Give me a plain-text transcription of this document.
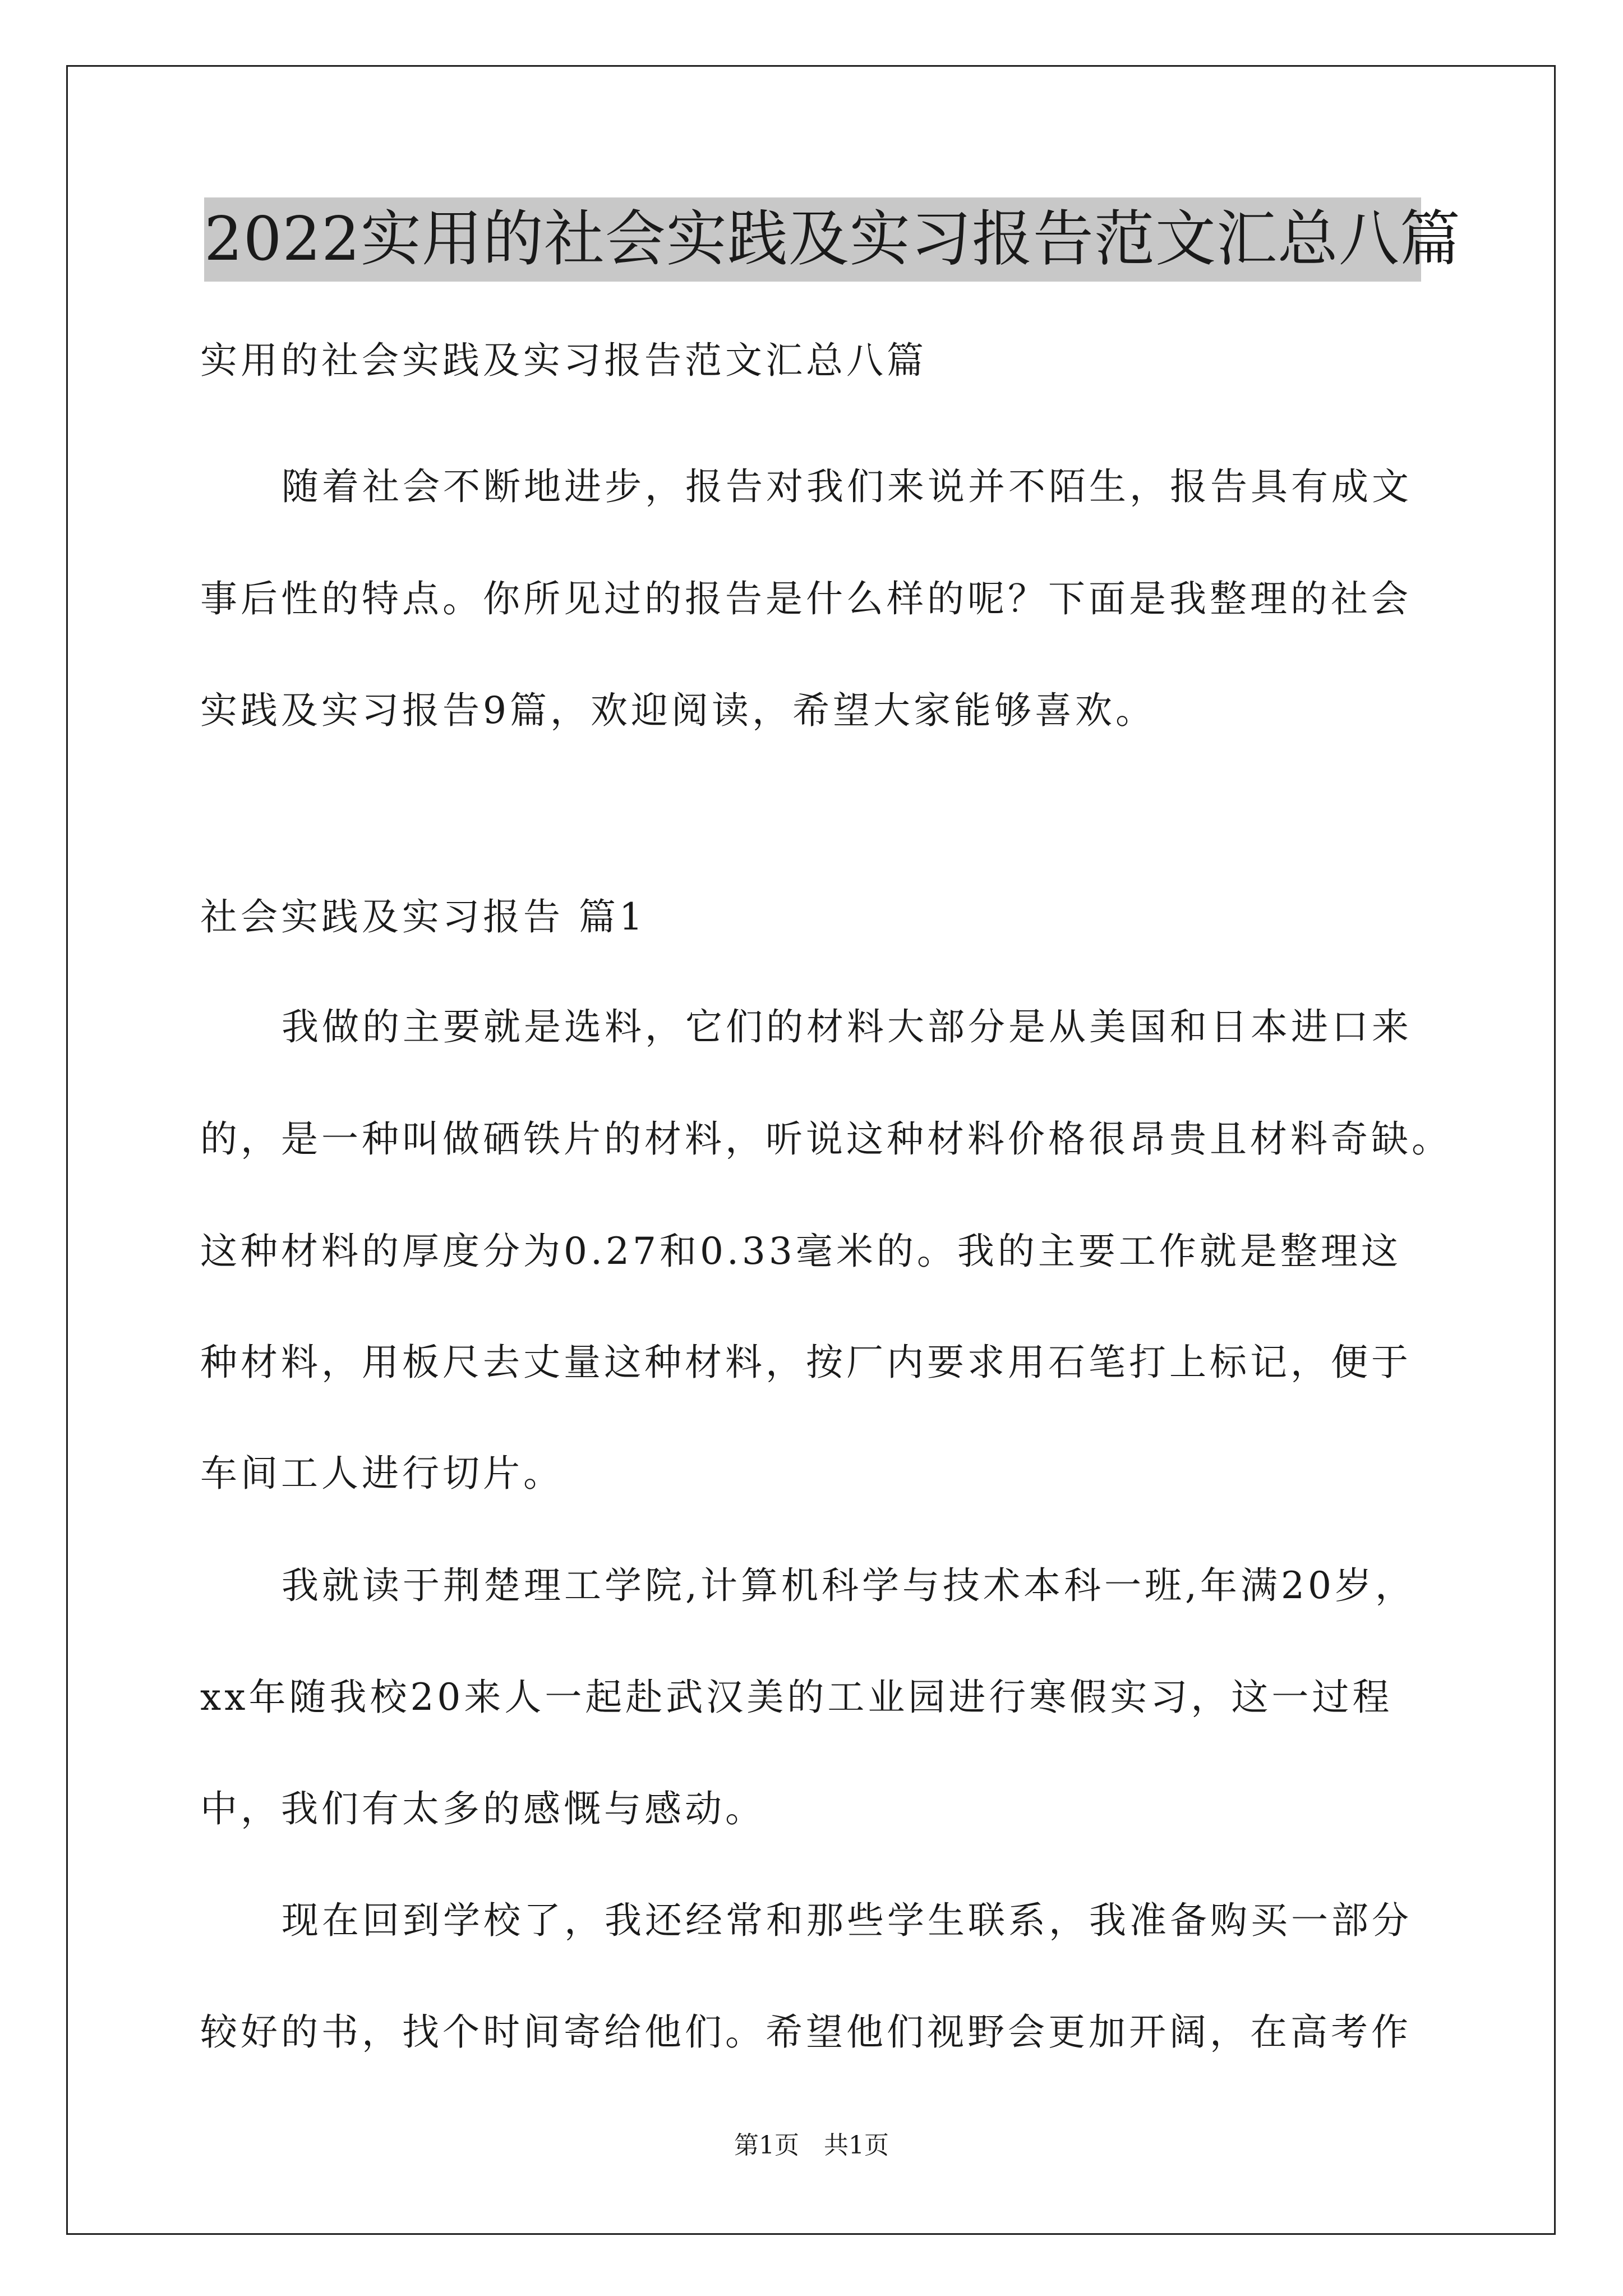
2022实用的社会实践及实习报告范文汇总八篇
实用的社会实践及实习报告范文汇总八篇
随着社会不断地进步，报告对我们来说并不陌生，报告具有成文
事后性的特点。你所见过的报告是什么样的呢？下面是我整理的社会
实践及实习报告9篇，欢迎阅读，希望大家能够喜欢。
社会实践及实习报告 篇1
我做的主要就是选料，它们的材料大部分是从美国和日本进口来
的，是一种叫做硒铁片的材料，听说这种材料价格很昂贵且材料奇缺。
这种材料的厚度分为0.27和0.33毫米的。我的主要工作就是整理这
种材料，用板尺去丈量这种材料，按厂内要求用石笔打上标记，便于
车间工人进行切片。
我就读于荆楚理工学院,计算机科学与技术本科一班,年满20岁，
xx年随我校20来人一起赴武汉美的工业园进行寒假实习，这一过程
中，我们有太多的感慨与感动。
现在回到学校了，我还经常和那些学生联系，我准备购买一部分
较好的书，找个时间寄给他们。希望他们视野会更加开阔，在高考作
第1页　共1页
